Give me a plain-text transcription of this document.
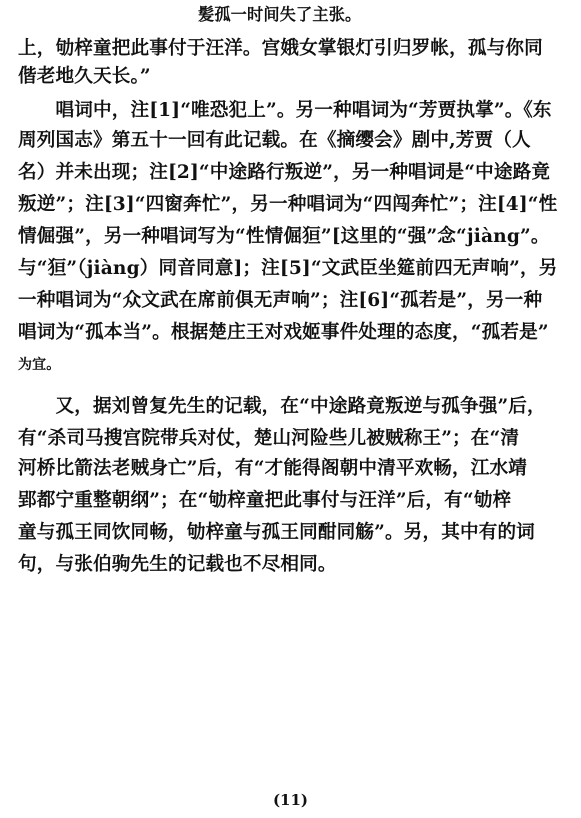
髪孤一时间失了主张。
上，劬梓童把此事付于汪洋。宫娥女掌银灯引归罗帐，孤与你同
偕老地久天长。”
　　唱词中，注[1]“唯恐犯上”。另一种唱词为“芳贾执掌”。《东
周列国志》第五十一回有此记载。在《摘缨会》剧中,芳贾（人
名）并未出现；注[2]“中途路行叛逆”，另一种唱词是“中途路竟
叛逆”；注[3]“四窗奔忙”，另一种唱词为“四闯奔忙”；注[4]“性
情倔强”，另一种唱词写为“性情倔狟”[这里的“强”念“jiàng”。
与“狟”（jiàng）同音同意]；注[5]“文武臣坐筵前四无声响”，另
一种唱词为“众文武在席前俱无声响”；注[6]“孤若是”，另一种
唱词为“孤本当”。根据楚庄王对戏姬事件处理的态度，“孤若是”
为宜。
　　又，据刘曾复先生的记载，在“中途路竟叛逆与孤争强”后，
有“杀司马搜宫院带兵对仗，楚山河险些儿被贼称王”；在“清
河桥比箭法老贼身亡”后，有“才能得阁朝中清平欢畅，江水靖
郢都宁重整朝纲”；在“劬梓童把此事付与汪洋”后，有“劬梓
童与孤王同饮同畅，劬梓童与孤王同酣同觞”。另，其中有的词
句，与张伯驹先生的记载也不尽相同。
(11)
